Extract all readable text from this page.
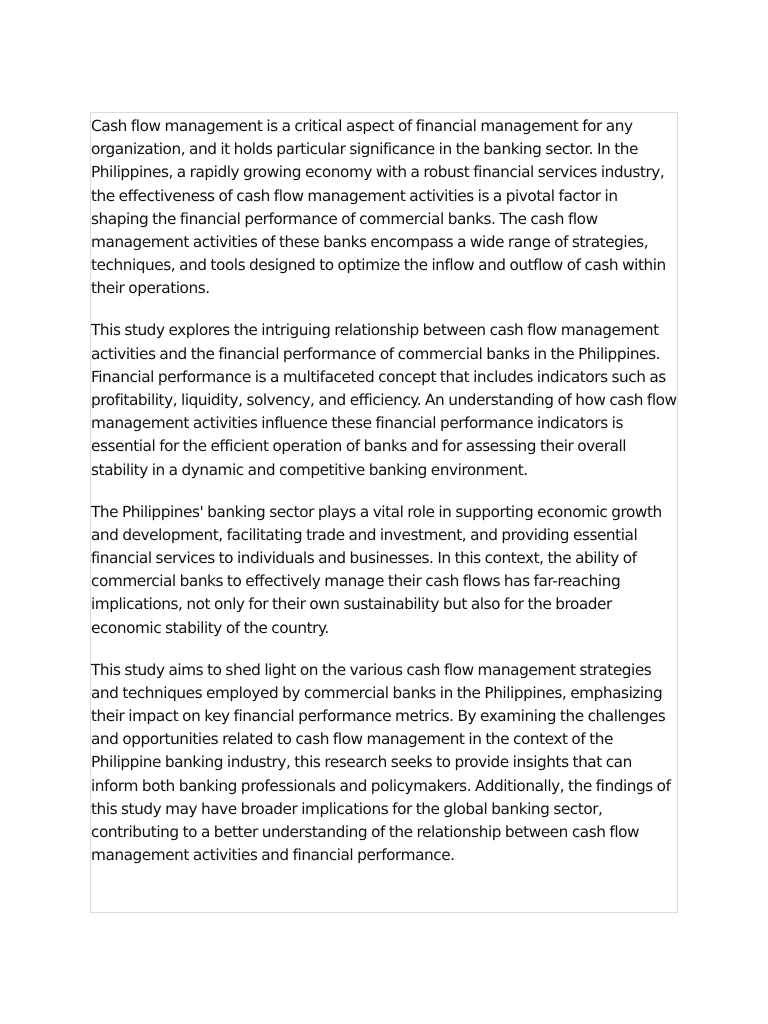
Cash flow management is a critical aspect of financial management for any organization, and it holds particular significance in the banking sector. In the Philippines, a rapidly growing economy with a robust financial services industry, the effectiveness of cash flow management activities is a pivotal factor in shaping the financial performance of commercial banks. The cash flow management activities of these banks encompass a wide range of strategies, techniques, and tools designed to optimize the inflow and outflow of cash within their operations.

This study explores the intriguing relationship between cash flow management activities and the financial performance of commercial banks in the Philippines. Financial performance is a multifaceted concept that includes indicators such as profitability, liquidity, solvency, and efficiency. An understanding of how cash flow management activities influence these financial performance indicators is essential for the efficient operation of banks and for assessing their overall stability in a dynamic and competitive banking environment.

The Philippines' banking sector plays a vital role in supporting economic growth and development, facilitating trade and investment, and providing essential financial services to individuals and businesses. In this context, the ability of commercial banks to effectively manage their cash flows has far-reaching implications, not only for their own sustainability but also for the broader economic stability of the country.

This study aims to shed light on the various cash flow management strategies and techniques employed by commercial banks in the Philippines, emphasizing their impact on key financial performance metrics. By examining the challenges and opportunities related to cash flow management in the context of the Philippine banking industry, this research seeks to provide insights that can inform both banking professionals and policymakers. Additionally, the findings of this study may have broader implications for the global banking sector, contributing to a better understanding of the relationship between cash flow management activities and financial performance.
